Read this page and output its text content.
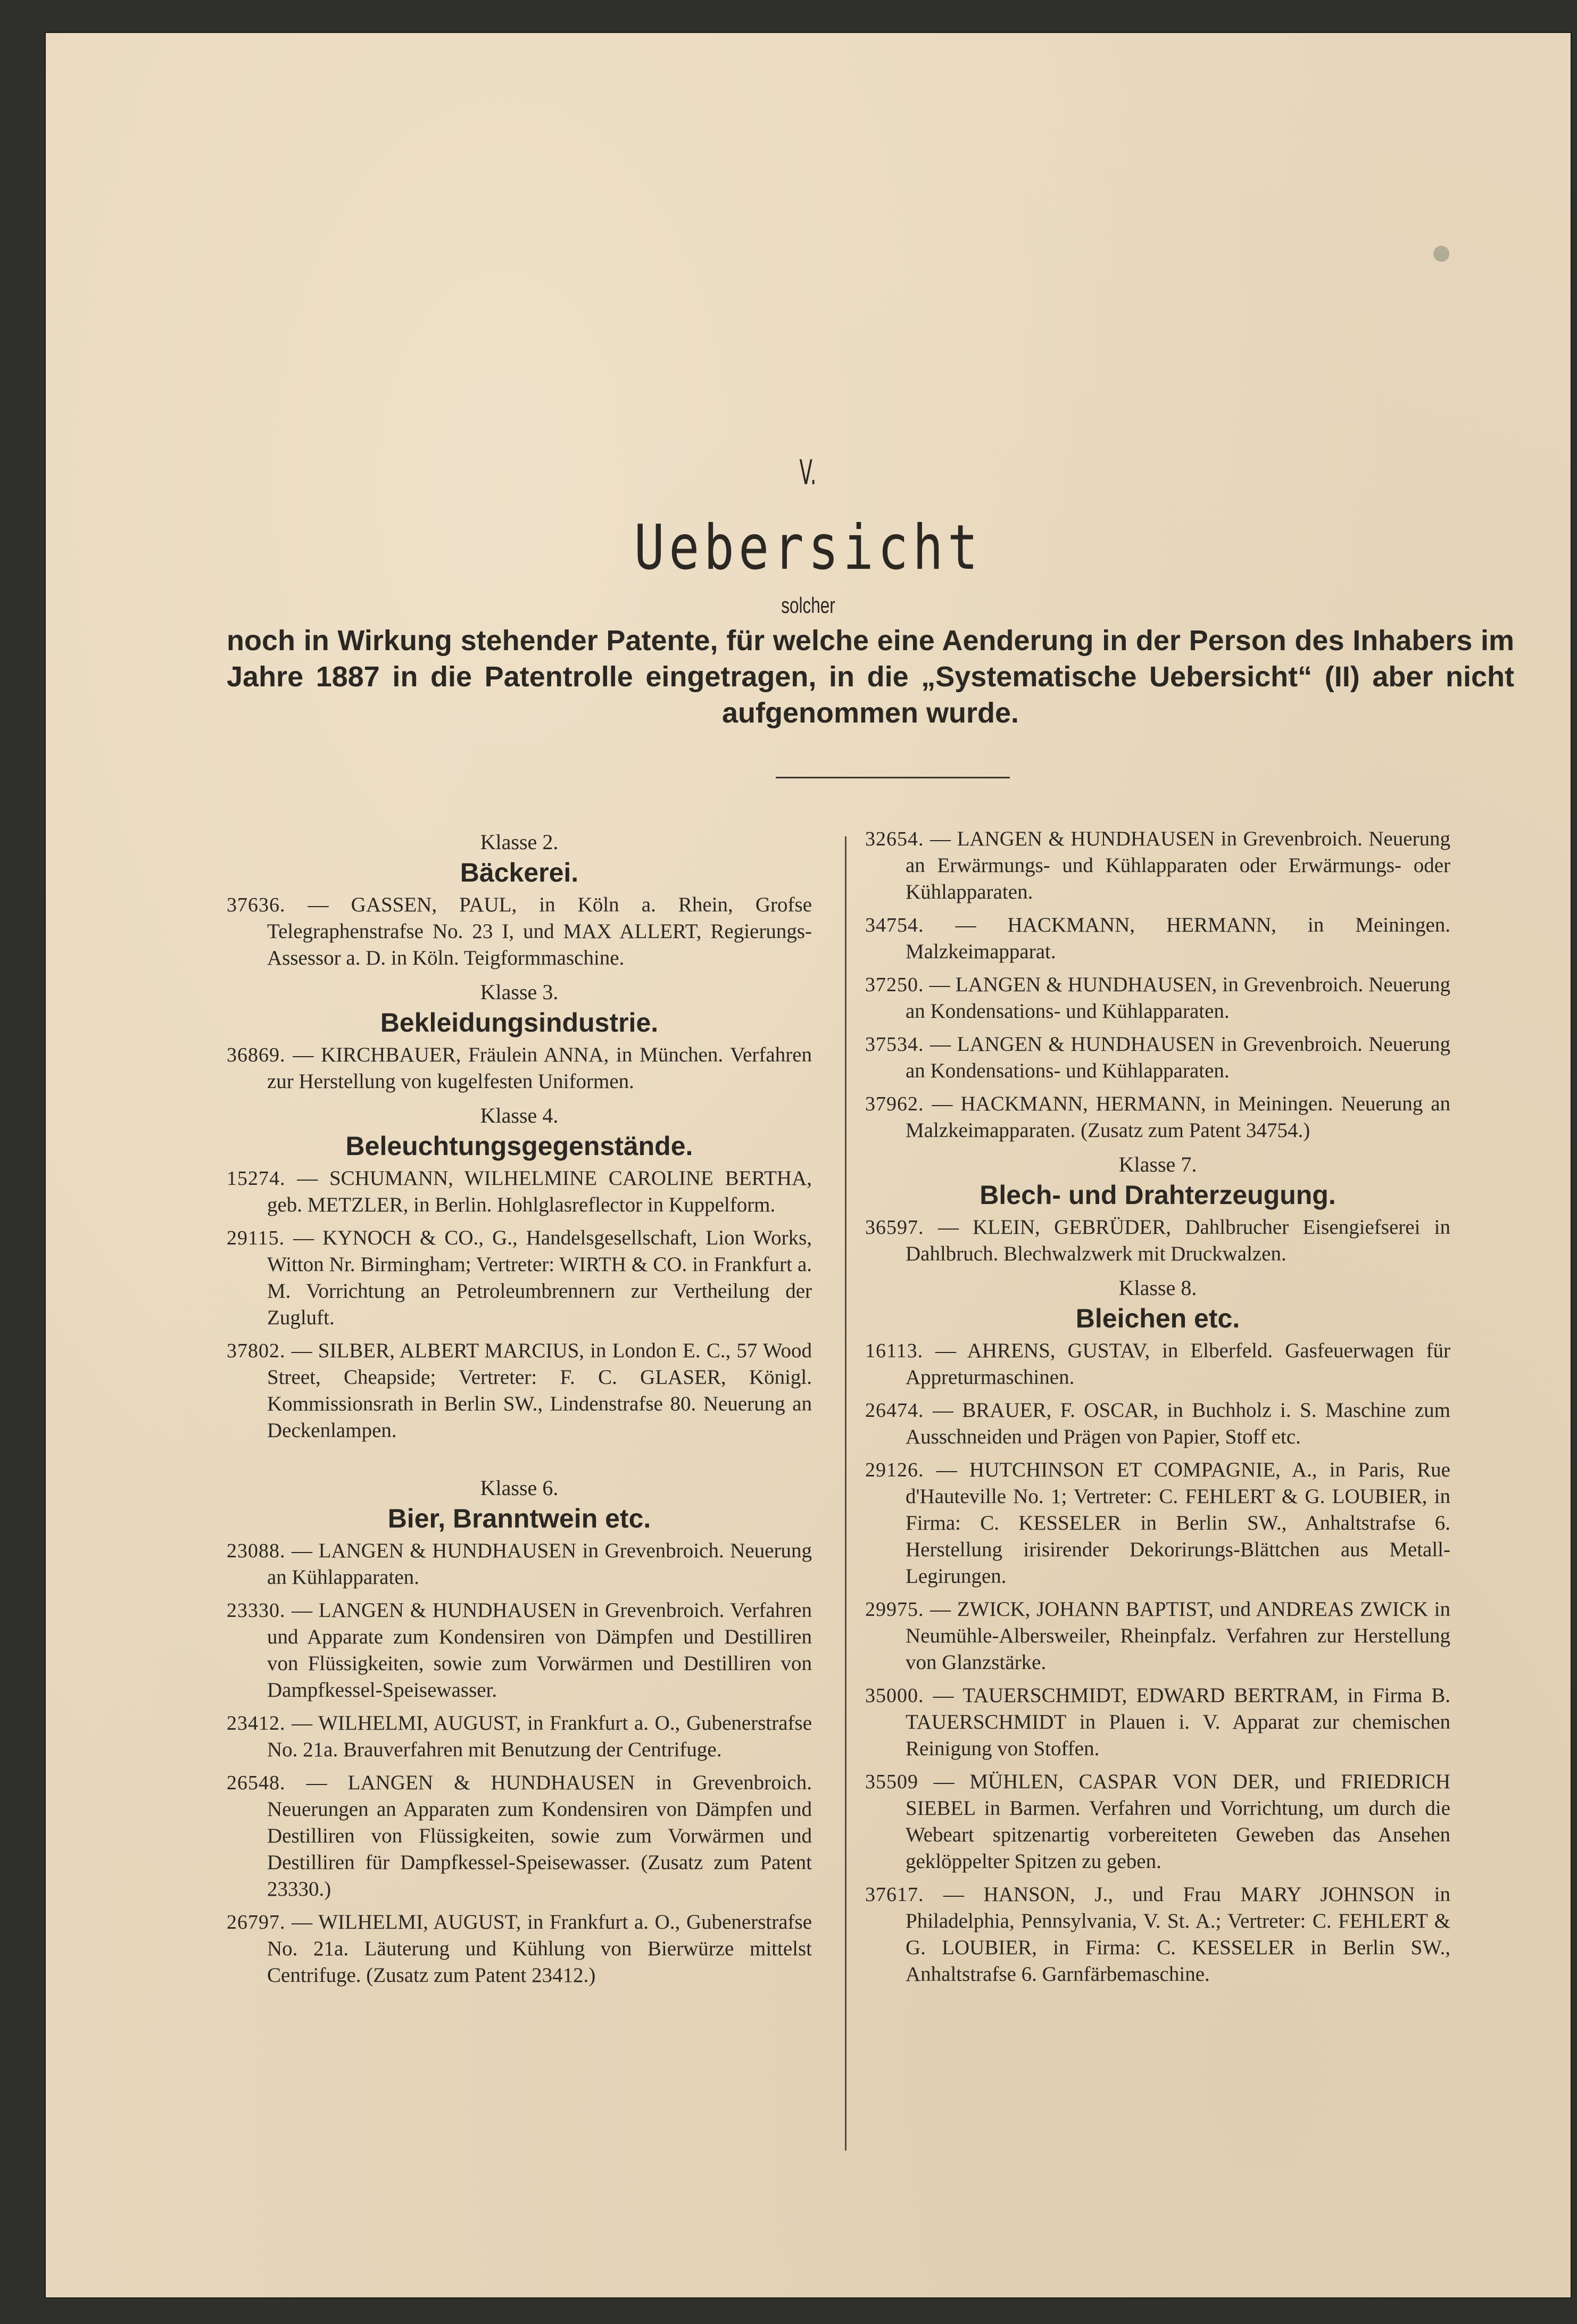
V.
Uebersicht
solcher
noch in Wirkung stehender Patente, für welche eine Aenderung in der Person des Inhabers im Jahre 1887 in die Patentrolle eingetragen, in die „Systematische Uebersicht“ (II) aber nicht aufgenommen wurde.
Klasse 2.
Bäckerei.
37636. — GASSEN, PAUL, in Köln a. Rhein, Grofse Telegraphenstrafse No. 23 I, und MAX ALLERT, Regierungs-Assessor a. D. in Köln. Teigformmaschine.
Klasse 3.
Bekleidungsindustrie.
36869. — KIRCHBAUER, Fräulein ANNA, in München. Verfahren zur Herstellung von kugelfesten Uniformen.
Klasse 4.
Beleuchtungsgegenstände.
15274. — SCHUMANN, WILHELMINE CAROLINE BERTHA, geb. METZLER, in Berlin. Hohlglasreflector in Kuppelform.
29115. — KYNOCH & CO., G., Handelsgesellschaft, Lion Works, Witton Nr. Birmingham; Vertreter: WIRTH & CO. in Frankfurt a. M. Vorrichtung an Petroleumbrennern zur Vertheilung der Zugluft.
37802. — SILBER, ALBERT MARCIUS, in London E. C., 57 Wood Street, Cheapside; Vertreter: F. C. GLASER, Königl. Kommissionsrath in Berlin SW., Lindenstrafse 80. Neuerung an Deckenlampen.
Klasse 6.
Bier, Branntwein etc.
23088. — LANGEN & HUNDHAUSEN in Grevenbroich. Neuerung an Kühlapparaten.
23330. — LANGEN & HUNDHAUSEN in Grevenbroich. Verfahren und Apparate zum Kondensiren von Dämpfen und Destilliren von Flüssigkeiten, sowie zum Vorwärmen und Destilliren von Dampfkessel-Speisewasser.
23412. — WILHELMI, AUGUST, in Frankfurt a. O., Gubenerstrafse No. 21a. Brauverfahren mit Benutzung der Centrifuge.
26548. — LANGEN & HUNDHAUSEN in Grevenbroich. Neuerungen an Apparaten zum Kondensiren von Dämpfen und Destilliren von Flüssigkeiten, sowie zum Vorwärmen und Destilliren für Dampfkessel-Speisewasser. (Zusatz zum Patent 23330.)
26797. — WILHELMI, AUGUST, in Frankfurt a. O., Gubenerstrafse No. 21a. Läuterung und Kühlung von Bierwürze mittelst Centrifuge. (Zusatz zum Patent 23412.)
32654. — LANGEN & HUNDHAUSEN in Grevenbroich. Neuerung an Erwärmungs- und Kühlapparaten oder Erwärmungs- oder Kühlapparaten.
34754. — HACKMANN, HERMANN, in Meiningen. Malzkeimapparat.
37250. — LANGEN & HUNDHAUSEN, in Grevenbroich. Neuerung an Kondensations- und Kühlapparaten.
37534. — LANGEN & HUNDHAUSEN in Grevenbroich. Neuerung an Kondensations- und Kühlapparaten.
37962. — HACKMANN, HERMANN, in Meiningen. Neuerung an Malzkeimapparaten. (Zusatz zum Patent 34754.)
Klasse 7.
Blech- und Drahterzeugung.
36597. — KLEIN, GEBRÜDER, Dahlbrucher Eisengiefserei in Dahlbruch. Blechwalzwerk mit Druckwalzen.
Klasse 8.
Bleichen etc.
16113. — AHRENS, GUSTAV, in Elberfeld. Gasfeuerwagen für Appreturmaschinen.
26474. — BRAUER, F. OSCAR, in Buchholz i. S. Maschine zum Ausschneiden und Prägen von Papier, Stoff etc.
29126. — HUTCHINSON ET COMPAGNIE, A., in Paris, Rue d'Hauteville No. 1; Vertreter: C. FEHLERT & G. LOUBIER, in Firma: C. KESSELER in Berlin SW., Anhaltstrafse 6. Herstellung irisirender Dekorirungs-Blättchen aus Metall-Legirungen.
29975. — ZWICK, JOHANN BAPTIST, und ANDREAS ZWICK in Neumühle-Albersweiler, Rheinpfalz. Verfahren zur Herstellung von Glanzstärke.
35000. — TAUERSCHMIDT, EDWARD BERTRAM, in Firma B. TAUERSCHMIDT in Plauen i. V. Apparat zur chemischen Reinigung von Stoffen.
35509 — MÜHLEN, CASPAR VON DER, und FRIEDRICH SIEBEL in Barmen. Verfahren und Vorrichtung, um durch die Webeart spitzenartig vorbereiteten Geweben das Ansehen geklöppelter Spitzen zu geben.
37617. — HANSON, J., und Frau MARY JOHNSON in Philadelphia, Pennsylvania, V. St. A.; Vertreter: C. FEHLERT & G. LOUBIER, in Firma: C. KESSELER in Berlin SW., Anhaltstrafse 6. Garnfärbemaschine.
